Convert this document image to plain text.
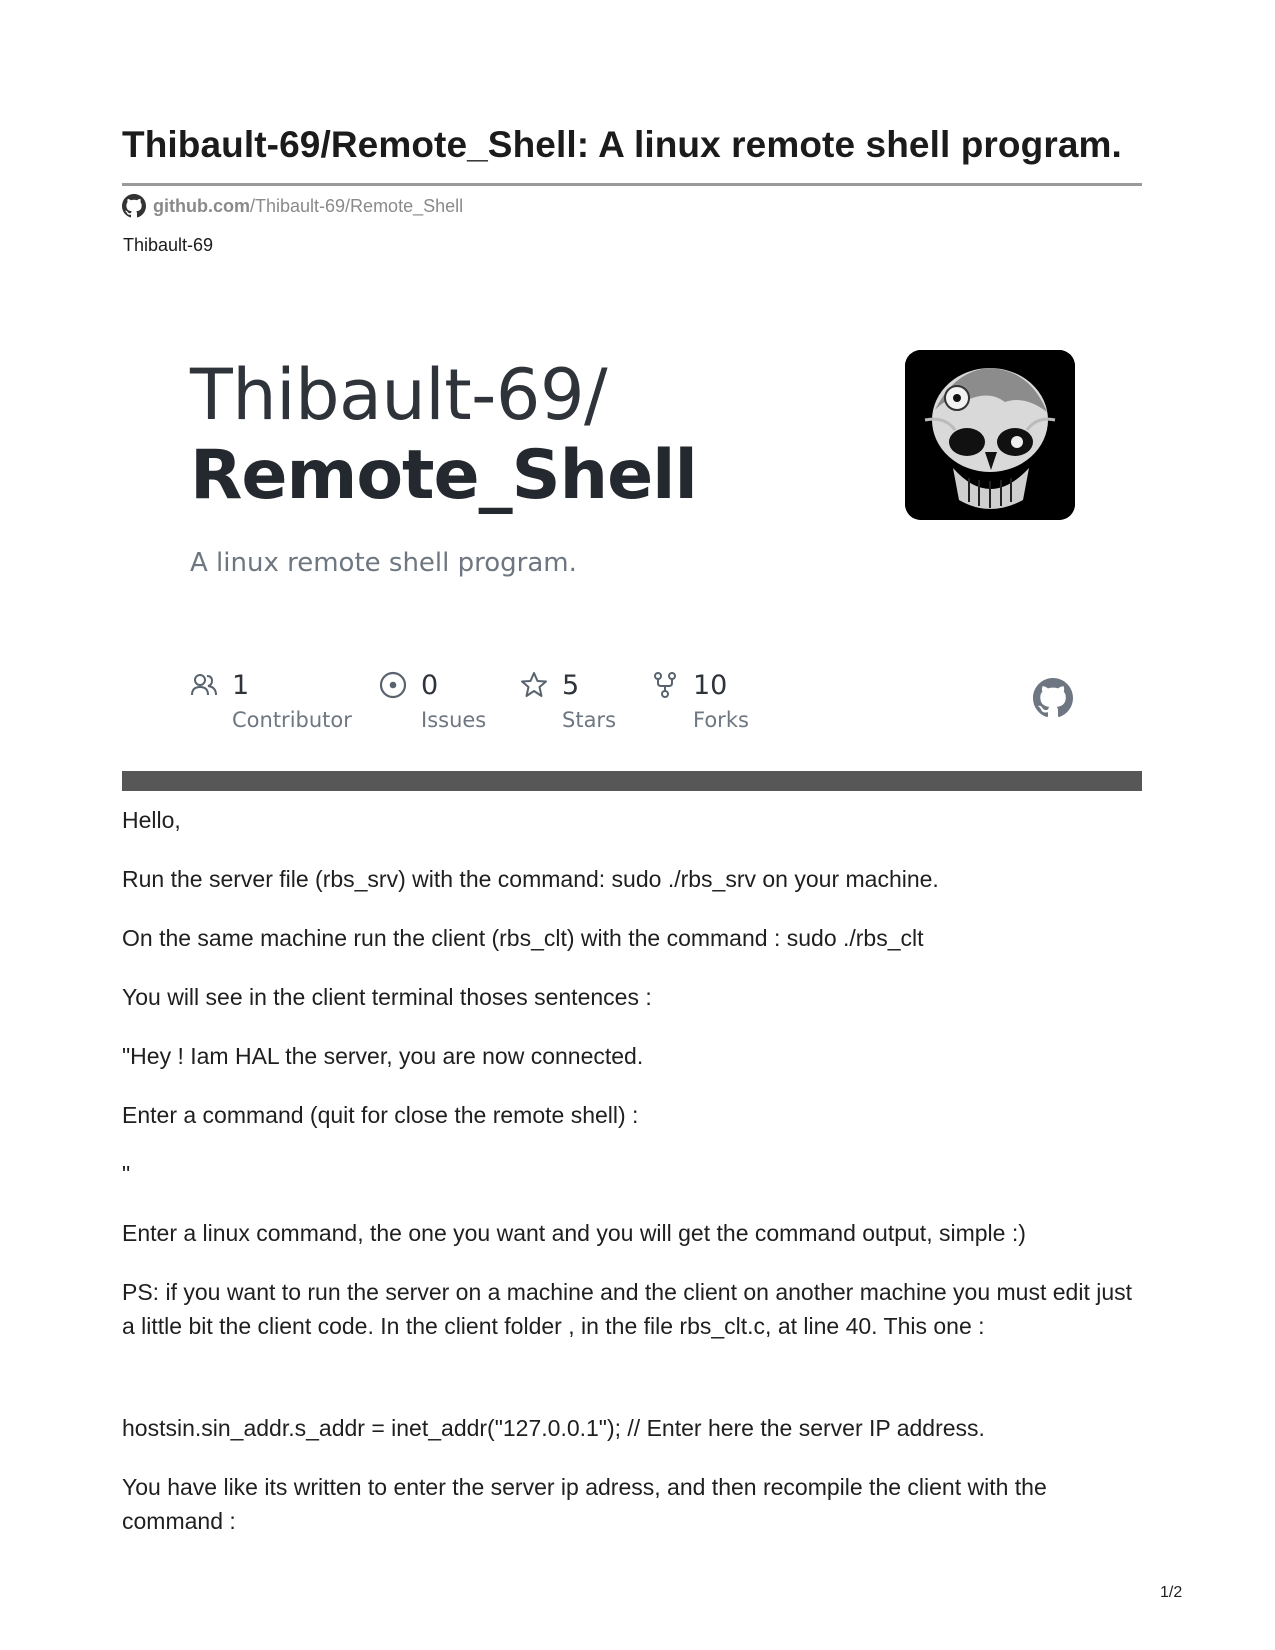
Thibault-69/Remote_Shell: A linux remote shell program.
github.com /Thibault-69/Remote_Shell
Thibault-69
Thibault-69/
Remote_Shell
A linux remote shell program.
1
Contributor
0
Issues
5
Stars
10
Forks

Hello,

Run the server file (rbs_srv) with the command: sudo ./rbs_srv on your machine.

On the same machine run the client (rbs_clt) with the command : sudo ./rbs_clt

You will see in the client terminal thoses sentences :

"Hey ! Iam HAL the server, you are now connected.

Enter a command (quit for close the remote shell) :

"

Enter a linux command, the one you want and you will get the command output, simple :)

PS: if you want to run the server on a machine and the client on another machine you must edit just a little bit the client code. In the client folder , in the file rbs_clt.c, at line 40. This one :

hostsin.sin_addr.s_addr = inet_addr("127.0.0.1"); // Enter here the server IP address.

You have like its written to enter the server ip adress, and then recompile the client with the command :

1/2
